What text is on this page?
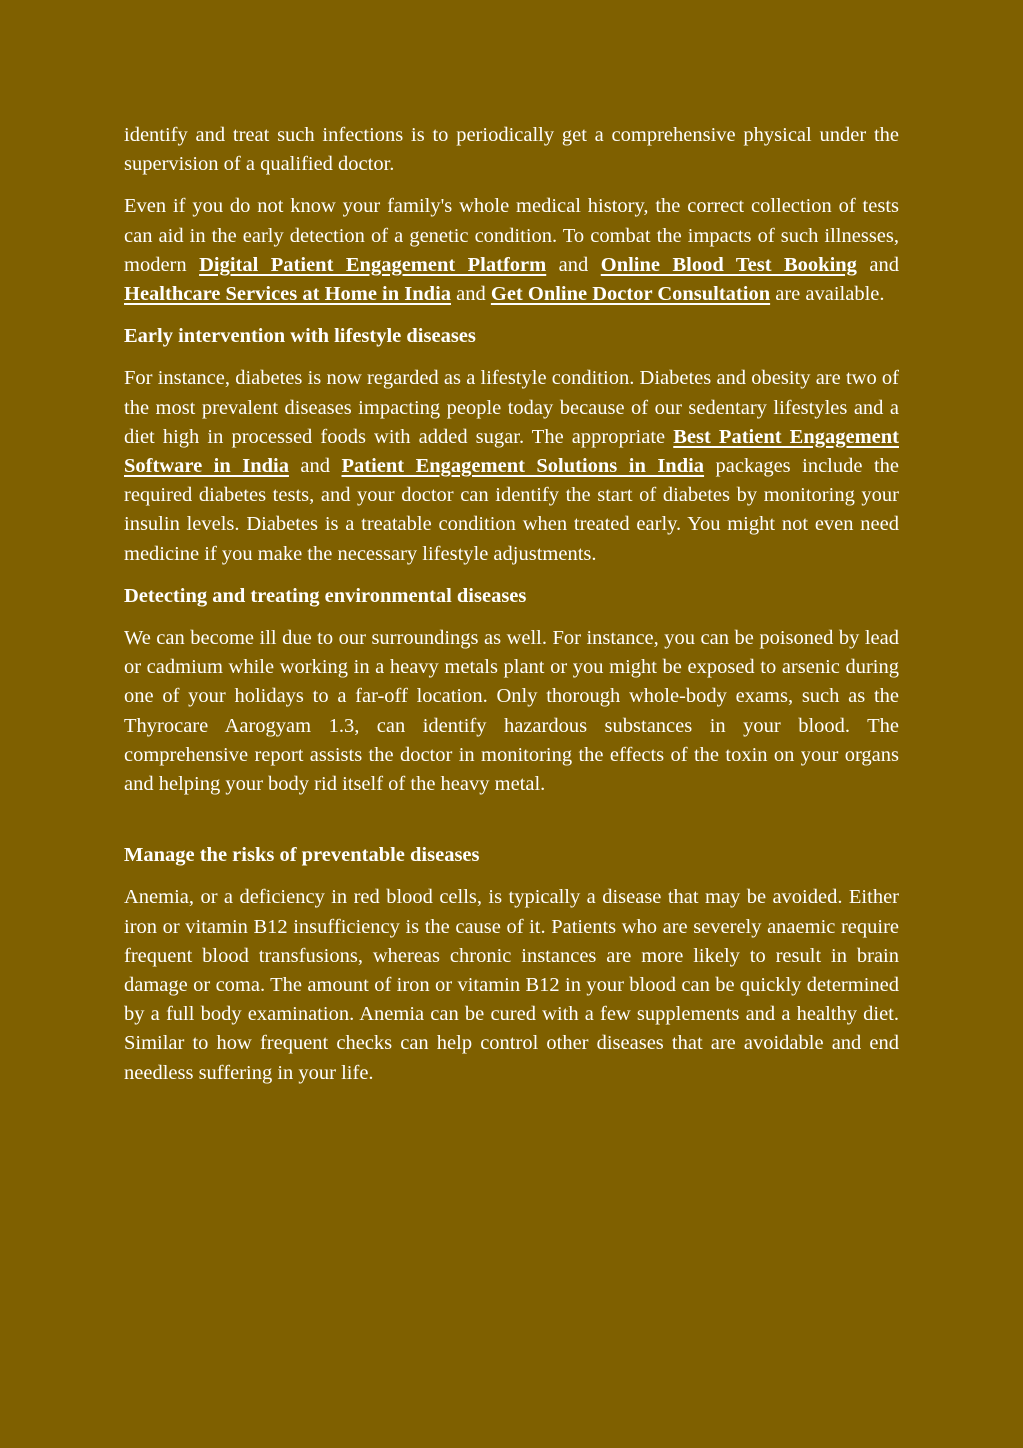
identify and treat such infections is to periodically get a comprehensive physical under the supervision of a qualified doctor.

Even if you do not know your family's whole medical history, the correct collection of tests can aid in the early detection of a genetic condition. To combat the impacts of such illnesses, modern Digital Patient Engagement Platform and Online Blood Test Booking and Healthcare Services at Home in India and Get Online Doctor Consultation are available.

Early intervention with lifestyle diseases

For instance, diabetes is now regarded as a lifestyle condition. Diabetes and obesity are two of the most prevalent diseases impacting people today because of our sedentary lifestyles and a diet high in processed foods with added sugar. The appropriate Best Patient Engagement Software in India and Patient Engagement Solutions in India packages include the required diabetes tests, and your doctor can identify the start of diabetes by monitoring your insulin levels. Diabetes is a treatable condition when treated early. You might not even need medicine if you make the necessary lifestyle adjustments.

Detecting and treating environmental diseases

We can become ill due to our surroundings as well. For instance, you can be poisoned by lead or cadmium while working in a heavy metals plant or you might be exposed to arsenic during one of your holidays to a far-off location. Only thorough whole-body exams, such as the Thyrocare Aarogyam 1.3, can identify hazardous substances in your blood. The comprehensive report assists the doctor in monitoring the effects of the toxin on your organs and helping your body rid itself of the heavy metal.

Manage the risks of preventable diseases

Anemia, or a deficiency in red blood cells, is typically a disease that may be avoided. Either iron or vitamin B12 insufficiency is the cause of it. Patients who are severely anaemic require frequent blood transfusions, whereas chronic instances are more likely to result in brain damage or coma. The amount of iron or vitamin B12 in your blood can be quickly determined by a full body examination. Anemia can be cured with a few supplements and a healthy diet. Similar to how frequent checks can help control other diseases that are avoidable and end needless suffering in your life.
